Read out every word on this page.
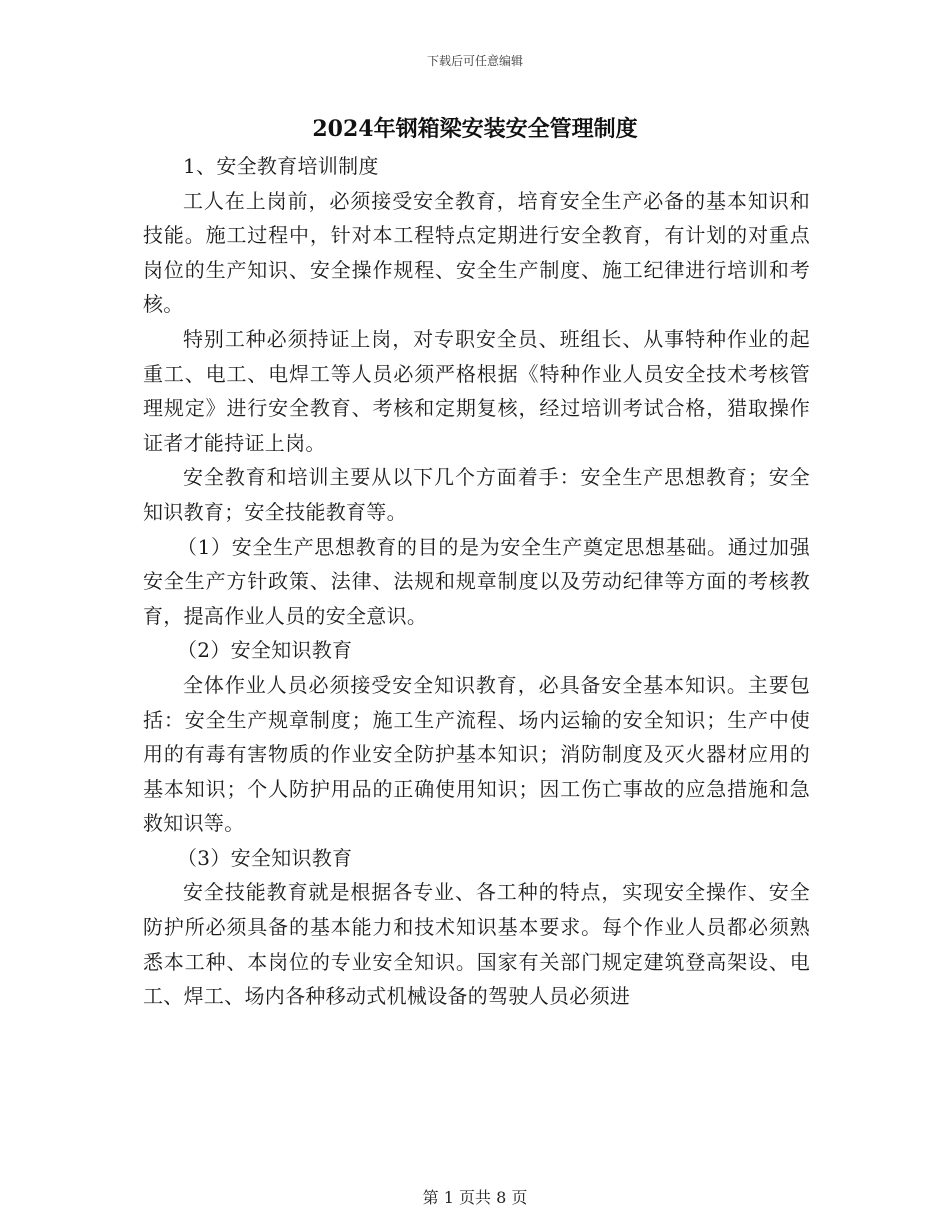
下载后可任意编辑
2024年钢箱梁安装安全管理制度

1、安全教育培训制度

工人在上岗前，必须接受安全教育，培育安全生产必备的基本知识和技能。施工过程中，针对本工程特点定期进行安全教育，有计划的对重点岗位的生产知识、安全操作规程、安全生产制度、施工纪律进行培训和考核。

特别工种必须持证上岗，对专职安全员、班组长、从事特种作业的起重工、电工、电焊工等人员必须严格根据《特种作业人员安全技术考核管理规定》进行安全教育、考核和定期复核，经过培训考试合格，猎取操作证者才能持证上岗。

安全教育和培训主要从以下几个方面着手：安全生产思想教育；安全知识教育；安全技能教育等。

（1）安全生产思想教育的目的是为安全生产奠定思想基础。通过加强安全生产方针政策、法律、法规和规章制度以及劳动纪律等方面的考核教育，提高作业人员的安全意识。

（2）安全知识教育

全体作业人员必须接受安全知识教育，必具备安全基本知识。主要包括：安全生产规章制度；施工生产流程、场内运输的安全知识；生产中使用的有毒有害物质的作业安全防护基本知识；消防制度及灭火器材应用的基本知识；个人防护用品的正确使用知识；因工伤亡事故的应急措施和急救知识等。

（3）安全知识教育

安全技能教育就是根据各专业、各工种的特点，实现安全操作、安全防护所必须具备的基本能力和技术知识基本要求。每个作业人员都必须熟悉本工种、本岗位的专业安全知识。国家有关部门规定建筑登高架设、电工、焊工、场内各种移动式机械设备的驾驶人员必须进

第 1 页共 8 页
